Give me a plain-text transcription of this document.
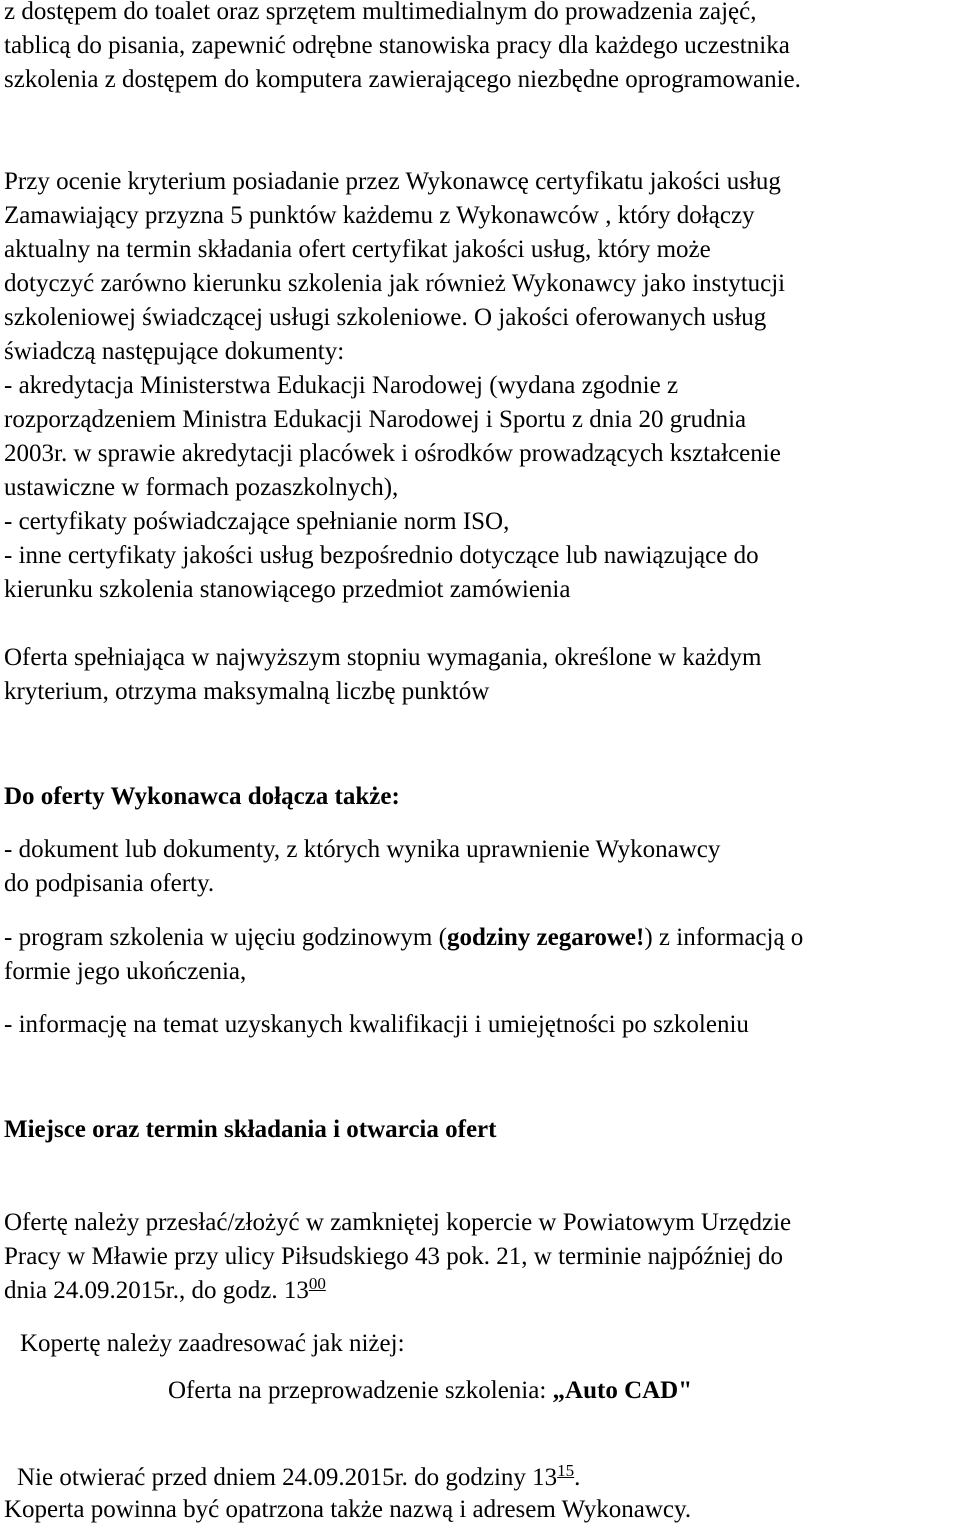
z dostępem do toalet oraz sprzętem multimedialnym do prowadzenia zajęć,
tablicą do pisania, zapewnić odrębne stanowiska pracy dla każdego uczestnika
szkolenia z dostępem do komputera zawierającego niezbędne oprogramowanie.
Przy ocenie kryterium posiadanie przez Wykonawcę certyfikatu jakości usług
Zamawiający przyzna 5 punktów każdemu z Wykonawców , który dołączy
aktualny na termin składania ofert certyfikat jakości usług, który może
dotyczyć zarówno kierunku szkolenia jak również Wykonawcy jako instytucji
szkoleniowej świadczącej usługi szkoleniowe. O jakości oferowanych usług
świadczą następujące dokumenty:
- akredytacja Ministerstwa Edukacji Narodowej (wydana zgodnie z
rozporządzeniem Ministra Edukacji Narodowej i Sportu z dnia 20 grudnia
2003r. w sprawie akredytacji placówek i ośrodków prowadzących kształcenie
ustawiczne w formach pozaszkolnych),
- certyfikaty poświadczające spełnianie norm ISO,
- inne certyfikaty jakości usług bezpośrednio dotyczące lub nawiązujące do
kierunku szkolenia stanowiącego przedmiot zamówienia
Oferta spełniająca w najwyższym stopniu wymagania, określone w każdym
kryterium, otrzyma maksymalną liczbę punktów
Do oferty Wykonawca dołącza także:
- dokument lub dokumenty, z których wynika uprawnienie Wykonawcy
do podpisania oferty.
- program szkolenia w ujęciu godzinowym (godziny zegarowe!) z informacją o
formie jego ukończenia,
- informację na temat uzyskanych kwalifikacji i umiejętności po szkoleniu
Miejsce oraz termin składania i otwarcia ofert
Ofertę należy przesłać/złożyć w zamkniętej kopercie w Powiatowym Urzędzie
Pracy w Mławie przy ulicy Piłsudskiego 43 pok. 21, w terminie najpóźniej do
dnia 24.09.2015r., do godz. $13^{00}$
Kopertę należy zaadresować jak niżej:
Oferta na przeprowadzenie szkolenia: „Auto CAD"
Nie otwierać przed dniem 24.09.2015r. do godziny $13^{15}$.
Koperta powinna być opatrzona także nazwą i adresem Wykonawcy.
